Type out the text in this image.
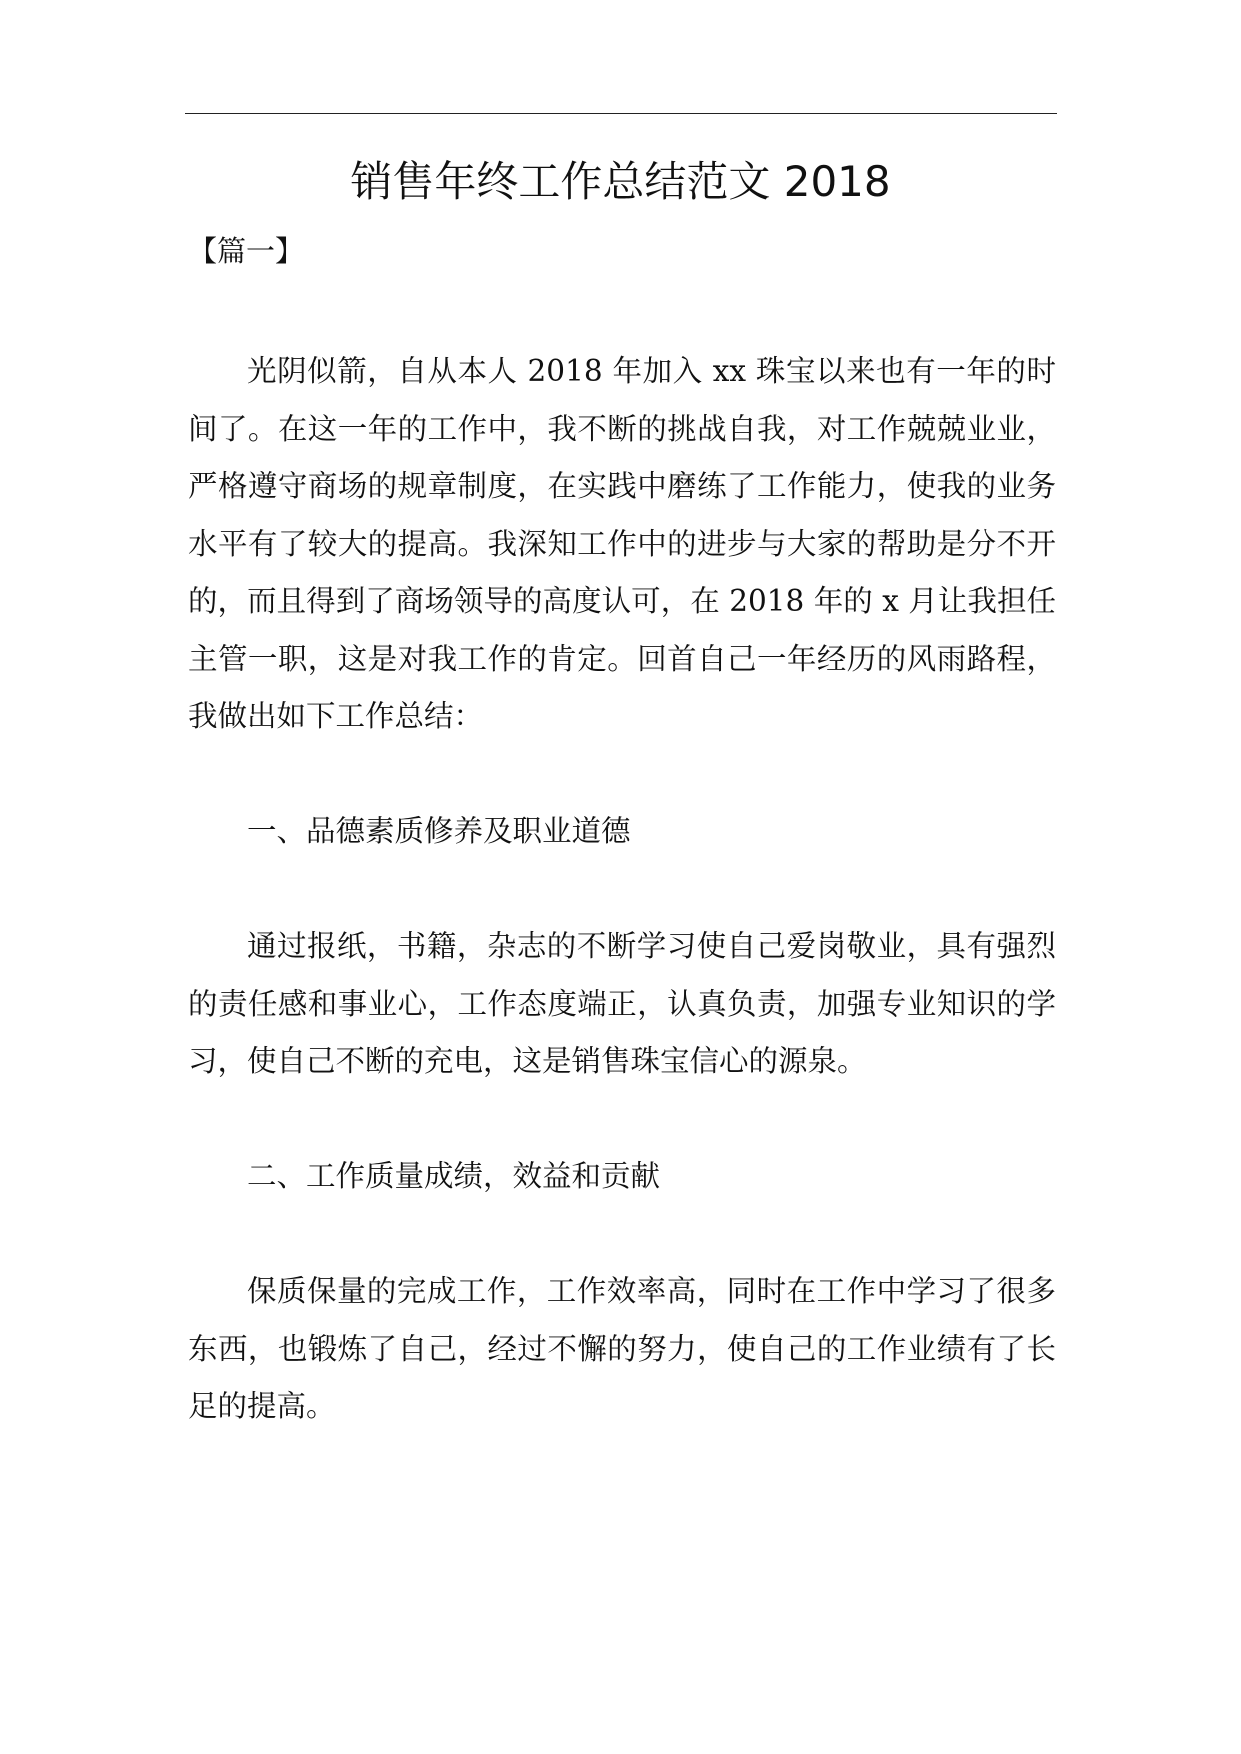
销售年终工作总结范文 2018
【篇一】

光阴似箭，自从本人 2018 年加入 xx 珠宝以来也有一年的时间了。在这一年的工作中，我不断的挑战自我，对工作兢兢业业，严格遵守商场的规章制度，在实践中磨练了工作能力，使我的业务水平有了较大的提高。我深知工作中的进步与大家的帮助是分不开的，而且得到了商场领导的高度认可，在 2018 年的 x 月让我担任主管一职，这是对我工作的肯定。回首自己一年经历的风雨路程，我做出如下工作总结：

一、品德素质修养及职业道德

通过报纸，书籍，杂志的不断学习使自己爱岗敬业，具有强烈的责任感和事业心，工作态度端正，认真负责，加强专业知识的学习，使自己不断的充电，这是销售珠宝信心的源泉。

二、工作质量成绩，效益和贡献

保质保量的完成工作，工作效率高，同时在工作中学习了很多东西，也锻炼了自己，经过不懈的努力，使自己的工作业绩有了长足的提高。
